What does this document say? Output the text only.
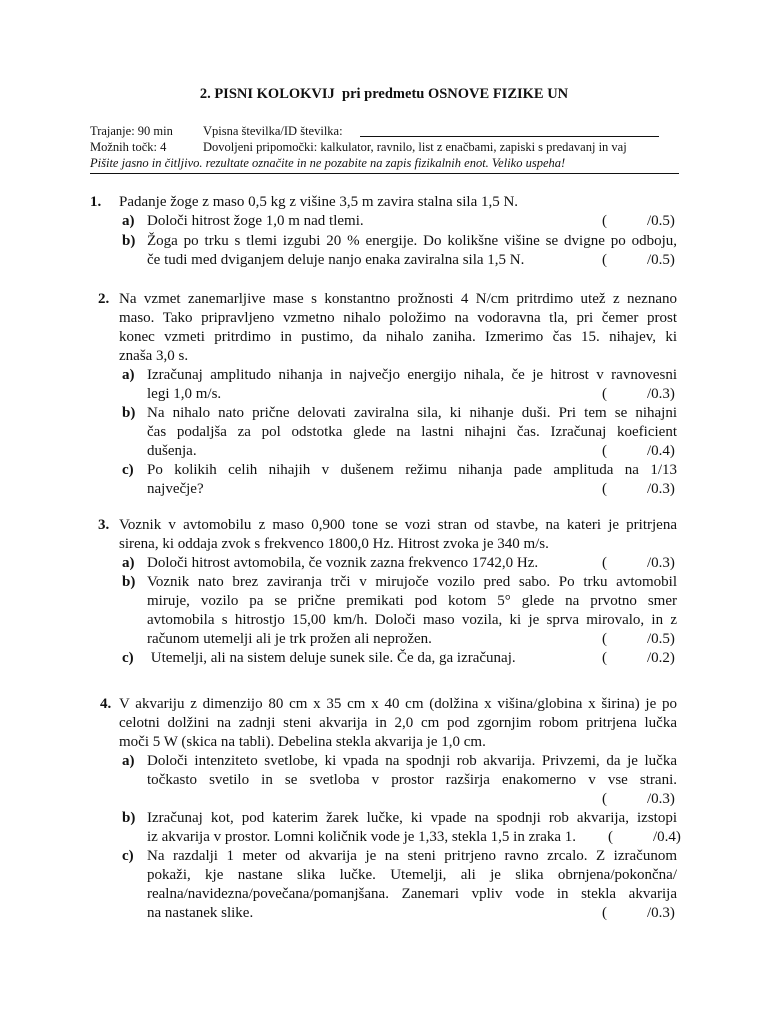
2. PISNI KOLOKVIJ  pri predmetu OSNOVE FIZIKE UN
Trajanje: 90 min Vpisna številka/ID številka:
Možnih točk: 4	Dovoljeni pripomočki: kalkulator, ravnilo, list z enačbami, zapiski s predavanj in vaj
Pišite jasno in čitljivo. rezultate označite in ne pozabite na zapis fizikalnih enot. Veliko uspeha!
1. Padanje žoge z maso 0,5 kg z višine 3,5 m zavira stalna sila 1,5 N.
a) Določi hitrost žoge 1,0 m nad tlemi.	(	/0.5)
b) Žoga po trku s tlemi izgubi 20 % energije. Do kolikšne višine se dvigne po odboju,
če tudi med dviganjem deluje nanjo enaka zaviralna sila 1,5 N.	(	/0.5)
2. Na vzmet zanemarljive mase s konstantno prožnosti 4 N/cm pritrdimo utež z neznano
maso. Tako pripravljeno vzmetno nihalo položimo na vodoravna tla, pri čemer prost
konec vzmeti pritrdimo in pustimo, da nihalo zaniha. Izmerimo čas 15. nihajev, ki
znaša 3,0 s.
a) Izračunaj amplitudo nihanja in največjo energijo nihala, če je hitrost v ravnovesni
legi 1,0 m/s.	(	/0.3)
b) Na nihalo nato prične delovati zaviralna sila, ki nihanje duši. Pri tem se nihajni
čas podaljša za pol odstotka glede na lastni nihajni čas. Izračunaj koeficient
dušenja.	(	/0.4)
c) Po kolikih celih nihajih v dušenem režimu nihanja pade amplituda na 1/13
največje?	(	/0.3)
3. Voznik v avtomobilu z maso 0,900 tone se vozi stran od stavbe, na kateri je pritrjena
sirena, ki oddaja zvok s frekvenco 1800,0 Hz. Hitrost zvoka je 340 m/s.
a) Določi hitrost avtomobila, če voznik zazna frekvenco 1742,0 Hz.	(	/0.3)
b) Voznik nato brez zaviranja trči v mirujoče vozilo pred sabo. Po trku avtomobil
miruje, vozilo pa se prične premikati pod kotom 5° glede na prvotno smer
avtomobila s hitrostjo 15,00 km/h. Določi maso vozila, ki je sprva mirovalo, in z
računom utemelji ali je trk prožen ali neprožen.	(	/0.5)
c) Utemelji, ali na sistem deluje sunek sile. Če da, ga izračunaj.	(	/0.2)
4. V akvariju z dimenzijo 80 cm x 35 cm x 40 cm (dolžina x višina/globina x širina) je po
celotni dolžini na zadnji steni akvarija in 2,0 cm pod zgornjim robom pritrjena lučka
moči 5 W (skica na tabli). Debelina stekla akvarija je 1,0 cm.
a) Določi intenziteto svetlobe, ki vpada na spodnji rob akvarija. Privzemi, da je lučka
točkasto svetilo in se svetloba v prostor razširja enakomerno v vse strani.
(	/0.3)
b) Izračunaj kot, pod katerim žarek lučke, ki vpade na spodnji rob akvarija, izstopi
iz akvarija v prostor. Lomni količnik vode je 1,33, stekla 1,5 in zraka 1. (	/0.4)
c) Na razdalji 1 meter od akvarija je na steni pritrjeno ravno zrcalo. Z izračunom
pokaži, kje nastane slika lučke. Utemelji, ali je slika obrnjena/pokončna/
realna/navidezna/povečana/pomanjšana. Zanemari vpliv vode in stekla akvarija
na nastanek slike.	(	/0.3)
